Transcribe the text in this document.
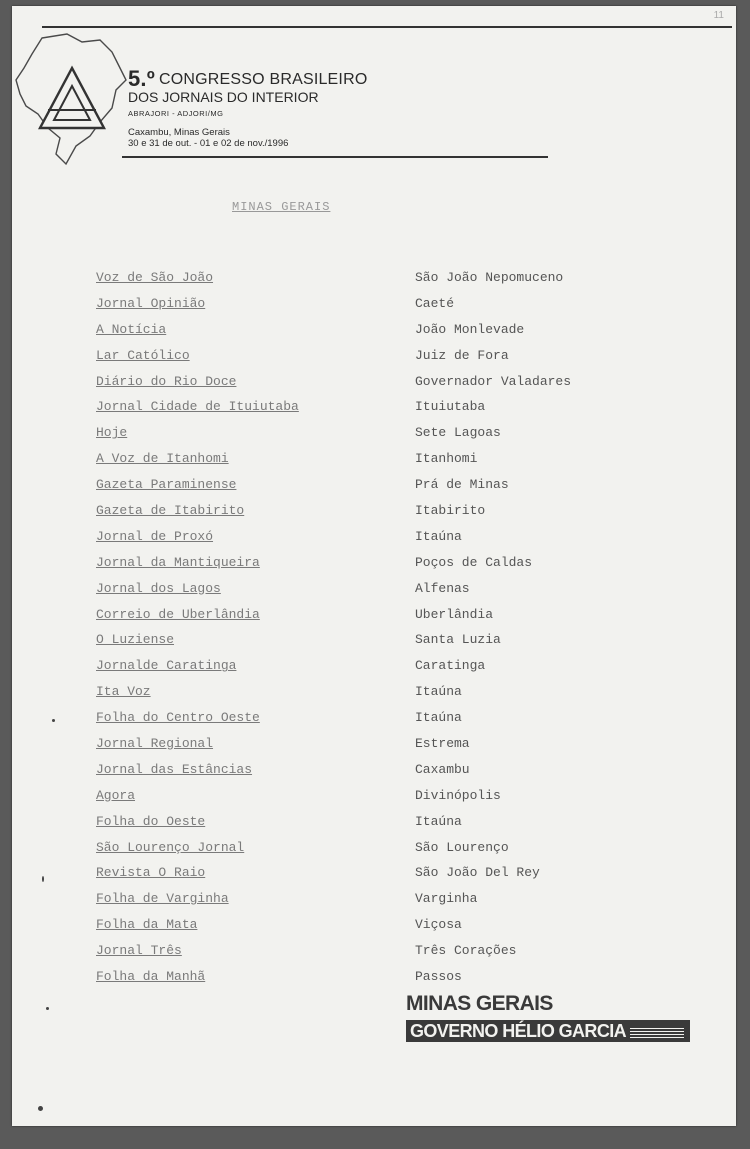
11
5.º CONGRESSO BRASILEIRO
DOS JORNAIS DO INTERIOR
ABRAJORI - ADJORI/MG
Caxambu, Minas Gerais
30 e 31 de out. - 01 e 02 de nov./1996
MINAS GERAIS
Voz de São João
Jornal Opinião
A Notícia
Lar Católico
Diário do Rio Doce
Jornal Cidade de Ituiutaba
Hoje
A Voz de Itanhomi
Gazeta Paraminense
Gazeta de Itabirito
Jornal de Proxó
Jornal da Mantiqueira
Jornal dos Lagos
Correio de Uberlândia
O Luziense
Jornalde Caratinga
Ita Voz
Folha do Centro Oeste
Jornal Regional
Jornal das Estâncias
Agora
Folha do Oeste
São Lourenço Jornal
Revista O Raio
Folha de Varginha
Folha da Mata
Jornal Três
Folha da Manhã
São João Nepomuceno
Caeté
João Monlevade
Juiz de Fora
Governador Valadares
Ituiutaba
Sete Lagoas
Itanhomi
Prá de Minas
Itabirito
Itaúna
Poços de Caldas
Alfenas
Uberlândia
Santa Luzia
Caratinga
Itaúna
Itaúna
Estrema
Caxambu
Divinópolis
Itaúna
São Lourenço
São João Del Rey
Varginha
Viçosa
Três Corações
Passos
MINAS GERAIS
GOVERNO HÉLIO GARCIA
